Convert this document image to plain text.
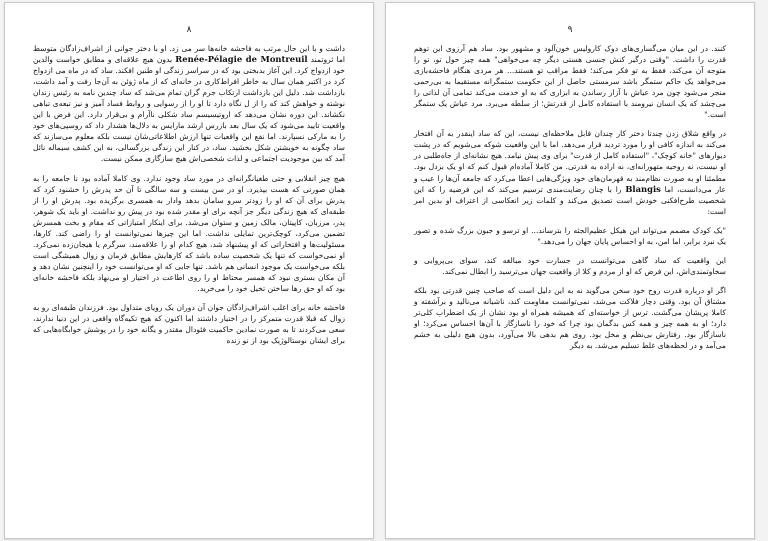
۸

داشت و با این حال مرتب به فاحشه خانه‌ها سر می زد. او با دختر جوانی از اشراف‌زادگان متوسط اما ثروتمند Renée-Pélagie de Montreuil بدون هیچ علاقه‌ای و مطابق خواست والدین خود ازدواج کرد. این آغاز بدبختی بود که در سراسر زندگی او طنین افکند. ساد که در ماه می ازدواج کرد در اکتبر همان سال به خاطر افراط‌کاری در خانه‌ای که از ماه ژوئن به آن‌جا رفت و آمد داشت، بازداشت شد. دلیل این بازداشت ارتکاب جرم گران تمام می‌شد که ساد چندین نامه به رئیس زندان نوشته و خواهش کند که را از ل نگاه دارد تا او را از رسوایی و روابط فساد آمیز و نیز تبعه‌ی تباهی نکشاند. این دوره نشان می‌دهد که اروتیسیسم ساد شکلی ناآرام و بی‌قرار دارد. این فرض با این واقعیت تایید می‌شود که یک سال بعد بازرس ارشد مارایس به دلال‌ها هشدار داد که روسپی‌های خود را به مارکی نسپارند. اما نفع این واقعیات تنها ارزش اطلاعاتی‌شان نیست بلکه معلوم می‌سازند که ساد چگونه به خویشتن شکل بخشید. ساد، در کنار این زندگی بزرگسالی، به این کشف سیماله نائل آمد که بین موجودیت اجتماعی و لذات شخصی‌اش هیچ سازگاری ممکن نیست.

هیچ چیز انقلابی و حتی طغیانگرانه‌ای در مورد ساد وجود ندارد. وی کاملا آماده بود تا جامعه را به همان صورتی که هست بپذیرد. او در سن بیست و سه سالگی تا آن حد پدرش را خشنود کرد که پدرش برای آن که او را زودتر سرو سامان بدهد وادار به همسری برگزیده بود. پدرش او را از طبقه‌ای که هیچ زندگی دیگر جز آنچه برای او مقدر شده بود در پیش رو نداشت. او باید یک شوهر، پدر، مرزبان، کاپیتان، مالک زمین و ستوان می‌شد. برای اینکار امتیازاتی که مقام و بخت همسرش تضمین می‌کرد، کوچک‌ترین تمایلی نداشت. اما این چیزها نمی‌توانست او را راضی کند. کارها، مسئولیت‌ها و افتخاراتی که او پیشنهاد شد، هیچ کدام او را علاقه‌مند، سرگرم یا هیجان‌زده نمی‌کرد. او نمی‌خواست که تنها یک شخصیت ساده باشد که کارهایش مطابق فرمان و زوال همیشگی است بلکه می‌خواست یک موجود انسانی هم باشد. تنها جایی که او می‌توانست خود را اینچنین نشان دهد و آن مکان بستری نبود که همسر محتاط او را روی اطاعت در اختیار او می‌نهاد بلکه فاحشه خانه‌ای بود که او حق رها ساختن تخیل خود را می‌خرید.

فاحشه خانه برای اغلب اشراف‌زادگان جوان آن دوران یک رویای متداول بود. فرزندان طبقه‌ای رو به زوال که قبلا قدرت متمرکز را در اختیار داشتند اما اکنون که هیچ تکیه‌گاه واقعی در این دنیا ندارند، سعی می‌کردند تا به صورت نمادین حاکمیت فئودال مقتدر و یگانه خود را در پوشش خوابگاه‌هایی که برای ایشان نوستالوژیک بود از نو زنده

۹

کنند. در این میان می‌گساری‌های دوک کارولیس خون‌آلود و مشهور بود. ساد هم آرزوی این توهم قدرت را داشت. "وقتی درگیر کنش جنسی هستی دیگر چه می‌خواهی" همه چیز حول تو، تو را متوجه آن می‌کند، فقط به تو فکر می‌کند؛ فقط مراقب تو هستند... هر مردی هنگام فاحشه‌بازی می‌خواهد یک حاکم ستمگر باشد سرمستی حاصل از این حکومت ستمگرانه مستقیما به بی‌رحمی منجر می‌شود چون مرد عیاش با آزار رساندن به ابزاری که به او خدمت می‌کند تمامی آن لذاتی را می‌چشد که یک انسان نیرومند با استفاده کامل از قدرتش؛ از سلطه می‌برد. مرد عیاش یک ستمگر است."

در واقع شلاق زدن چندتا دختر کار چندان قابل ملاحظه‌ای نیست، این که ساد اینقدر به آن افتخار می‌کند به اندازه کافی او را مورد تردید قرار می‌دهد. اما با این واقعیت شوکه می‌شویم که در پشت دیوارهای "خانه کوچک"، "استفاده کامل از قدرت" برای وی پیش نیامد. هیچ نشانه‌ای از جاه‌طلبی در او نیست، نه روحیه متهورانه‌ای، نه اراده به قدرتی. من کاملا آماده‌ام قبول کنم که او یک بزدل بود. مطمئنا او به صورت نظام‌مند به قهرمان‌های خود ویژگی‌هایی اعطا می‌کرد که جامعه آن‌ها را عیب و عار می‌دانست، اما Blangis را با چنان رضایت‌مندی ترسیم می‌کند که این فرضیه را که این شخصیت طرح‌افکنی خودش است تصدیق می‌کند و کلمات زیر انعکاسی از اعتراف او بدین امر است:

"یک کودک مصمم می‌تواند این هیکل عظیم‌الجثه را بترساند... او ترسو و جبون بزرگ شده و تصور یک نبرد برابر، اما امن، به او احساس پایان جهان را می‌دهد."

این واقعیت که ساد گاهی می‌توانست در جسارت خود مبالغه کند، سوای بی‌پروایی و سخاوتمندی‌اش، این فرض که او از مردم و کلا از واقعیت جهان می‌ترسید را ابطال نمی‌کند.

اگر او درباره قدرت روح خود سخن می‌گوید نه به این دلیل است که صاحب چنین قدرتی بود بلکه مشتاق آن بود. وقتی دچار فلاکت می‌شد، نمی‌توانست مقاومت کند، ناشیانه می‌نالید و برآشفته و کاملا پریشان می‌گشت. ترس از خواسته‌ای که همیشه همراه او بود نشان از یک اضطراب کلی‌تر دارد؛ او به همه چیز و همه کس بدگمان بود چرا که خود را ناسازگار با آن‌ها احساس می‌کرد؛ او ناسازگار بود. رفتارش بی‌نظم و مخل بود. روی هم بدهی بالا می‌آورد، بدون هیچ دلیلی به خشم می‌آمد و در لحظه‌های غلط تسلیم می‌شد. به دیگر
